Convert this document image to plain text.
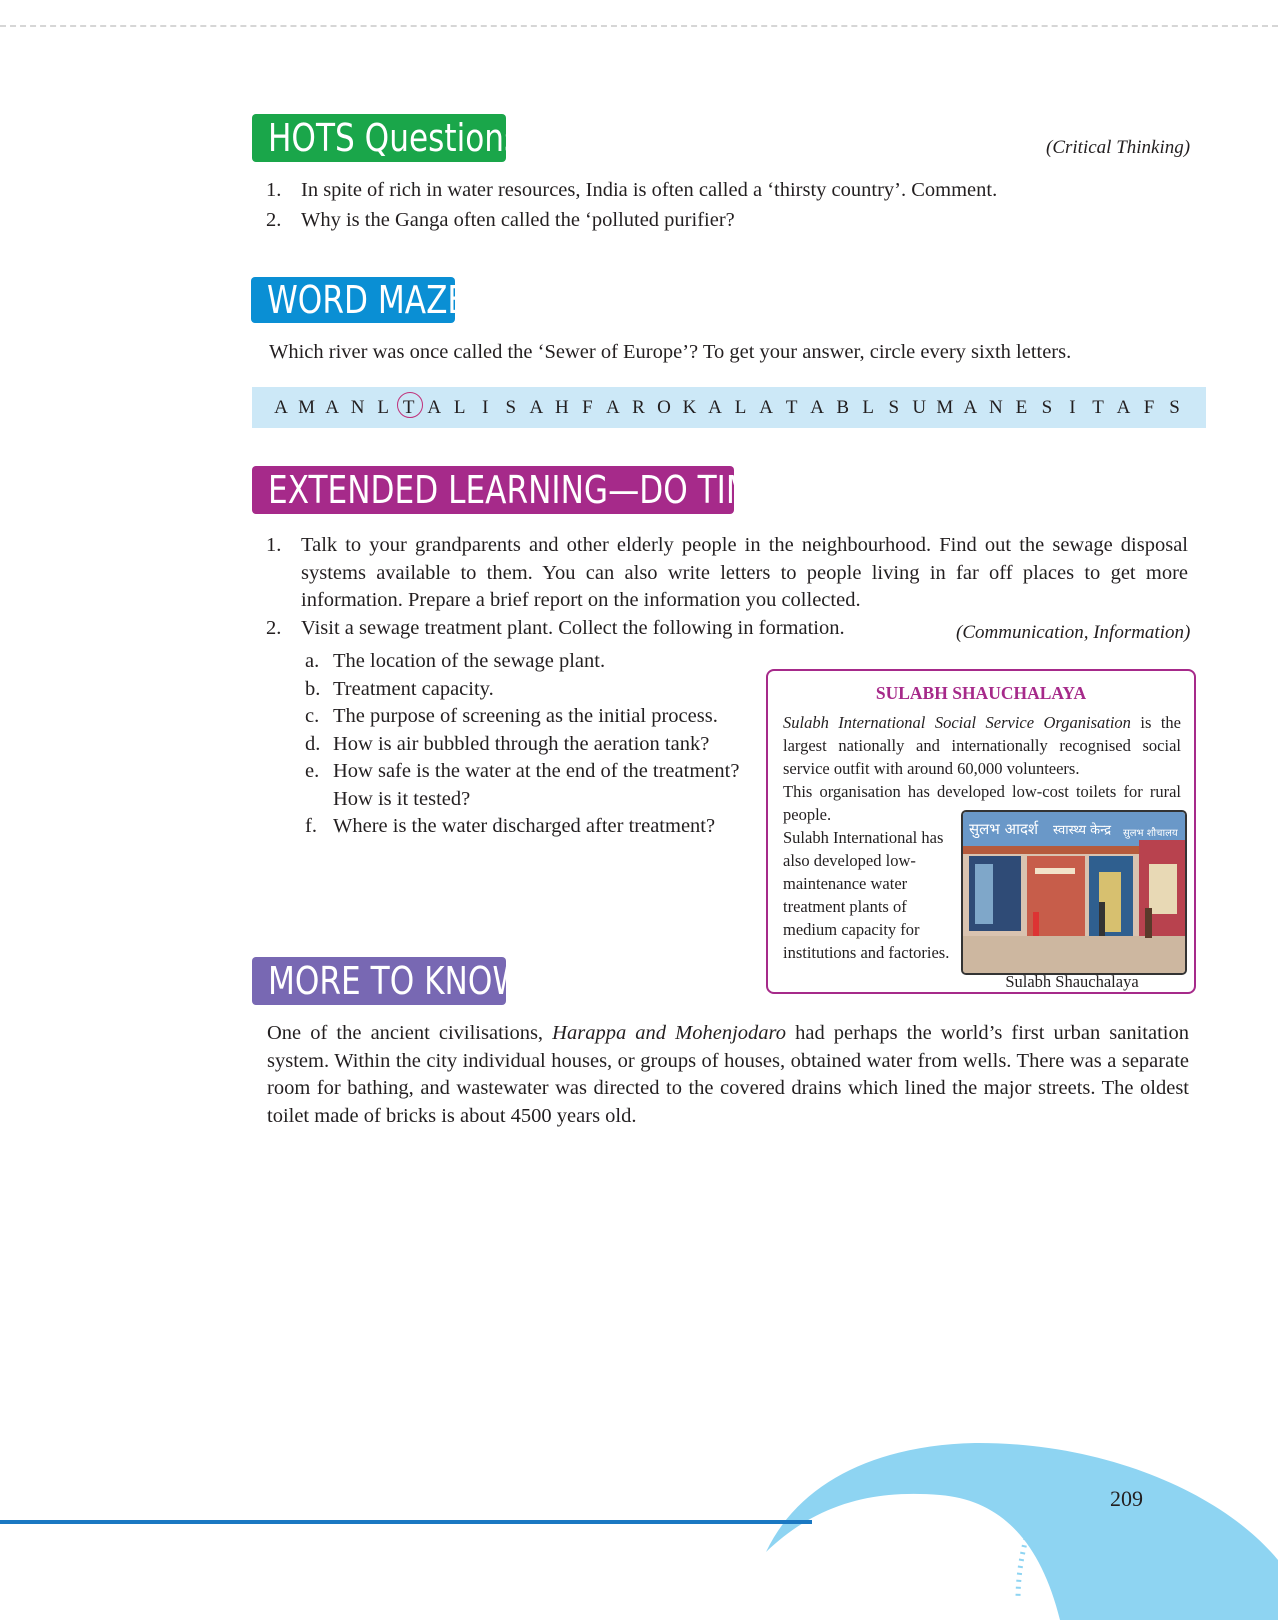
HOTS Questions	(Critical Thinking)
1. In spite of rich in water resources, India is often called a ‘thirsty country’. Comment.
2. Why is the Ganga often called the ‘polluted purifier?
WORD MAZE
Which river was once called the ‘Sewer of Europe’? To get your answer, circle every sixth letters.
A M A N L T A L I S A H F A R O K A L A T A B L S U M A N E S I T A F S
EXTENDED LEARNING—DO TIME
1. Talk to your grandparents and other elderly people in the neighbourhood. Find out the sewage disposal systems available to them. You can also write letters to people living in far off places to get more information. Prepare a brief report on the information you collected.
2. Visit a sewage treatment plant. Collect the following in formation.	(Communication, Information)
a. The location of the sewage plant.
b. Treatment capacity.
c. The purpose of screening as the initial process.
d. How is air bubbled through the aeration tank?
e. How safe is the water at the end of the treatment? How is it tested?
f. Where is the water discharged after treatment?
SULABH SHAUCHALAYA
Sulabh International Social Service Organisation is the largest nationally and internationally recognised social service outfit with around 60,000 volunteers.
This organisation has developed low-cost toilets for rural people.
Sulabh International has also developed low-maintenance water treatment plants of medium capacity for institutions and factories.
सुलभ आदर्श स्वास्थ्य केन्द्र सुलभ शौचालय
Sulabh Shauchalaya
MORE TO KNOW
One of the ancient civilisations, Harappa and Mohenjodaro had perhaps the world’s first urban sanitation system. Within the city individual houses, or groups of houses, obtained water from wells. There was a separate room for bathing, and wastewater was directed to the covered drains which lined the major streets. The oldest toilet made of bricks is about 4500 years old.
209
